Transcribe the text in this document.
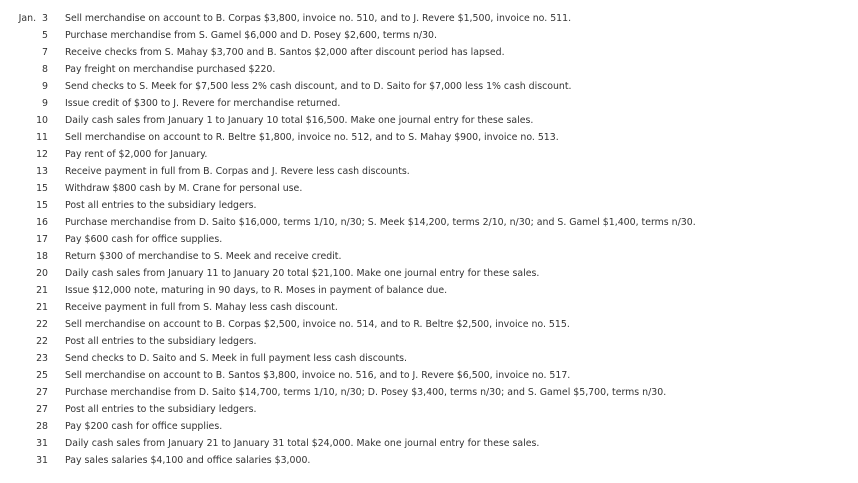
Jan. 3 Sell merchandise on account to B. Corpas $3,800, invoice no. 510, and to J. Revere $1,500, invoice no. 511.
5 Purchase merchandise from S. Gamel $6,000 and D. Posey $2,600, terms n/30.
7 Receive checks from S. Mahay $3,700 and B. Santos $2,000 after discount period has lapsed.
8 Pay freight on merchandise purchased $220.
9 Send checks to S. Meek for $7,500 less 2% cash discount, and to D. Saito for $7,000 less 1% cash discount.
9 Issue credit of $300 to J. Revere for merchandise returned.
10 Daily cash sales from January 1 to January 10 total $16,500. Make one journal entry for these sales.
11 Sell merchandise on account to R. Beltre $1,800, invoice no. 512, and to S. Mahay $900, invoice no. 513.
12 Pay rent of $2,000 for January.
13 Receive payment in full from B. Corpas and J. Revere less cash discounts.
15 Withdraw $800 cash by M. Crane for personal use.
15 Post all entries to the subsidiary ledgers.
16 Purchase merchandise from D. Saito $16,000, terms 1/10, n/30; S. Meek $14,200, terms 2/10, n/30; and S. Gamel $1,400, terms n/30.
17 Pay $600 cash for office supplies.
18 Return $300 of merchandise to S. Meek and receive credit.
20 Daily cash sales from January 11 to January 20 total $21,100. Make one journal entry for these sales.
21 Issue $12,000 note, maturing in 90 days, to R. Moses in payment of balance due.
21 Receive payment in full from S. Mahay less cash discount.
22 Sell merchandise on account to B. Corpas $2,500, invoice no. 514, and to R. Beltre $2,500, invoice no. 515.
22 Post all entries to the subsidiary ledgers.
23 Send checks to D. Saito and S. Meek in full payment less cash discounts.
25 Sell merchandise on account to B. Santos $3,800, invoice no. 516, and to J. Revere $6,500, invoice no. 517.
27 Purchase merchandise from D. Saito $14,700, terms 1/10, n/30; D. Posey $3,400, terms n/30; and S. Gamel $5,700, terms n/30.
27 Post all entries to the subsidiary ledgers.
28 Pay $200 cash for office supplies.
31 Daily cash sales from January 21 to January 31 total $24,000. Make one journal entry for these sales.
31 Pay sales salaries $4,100 and office salaries $3,000.
